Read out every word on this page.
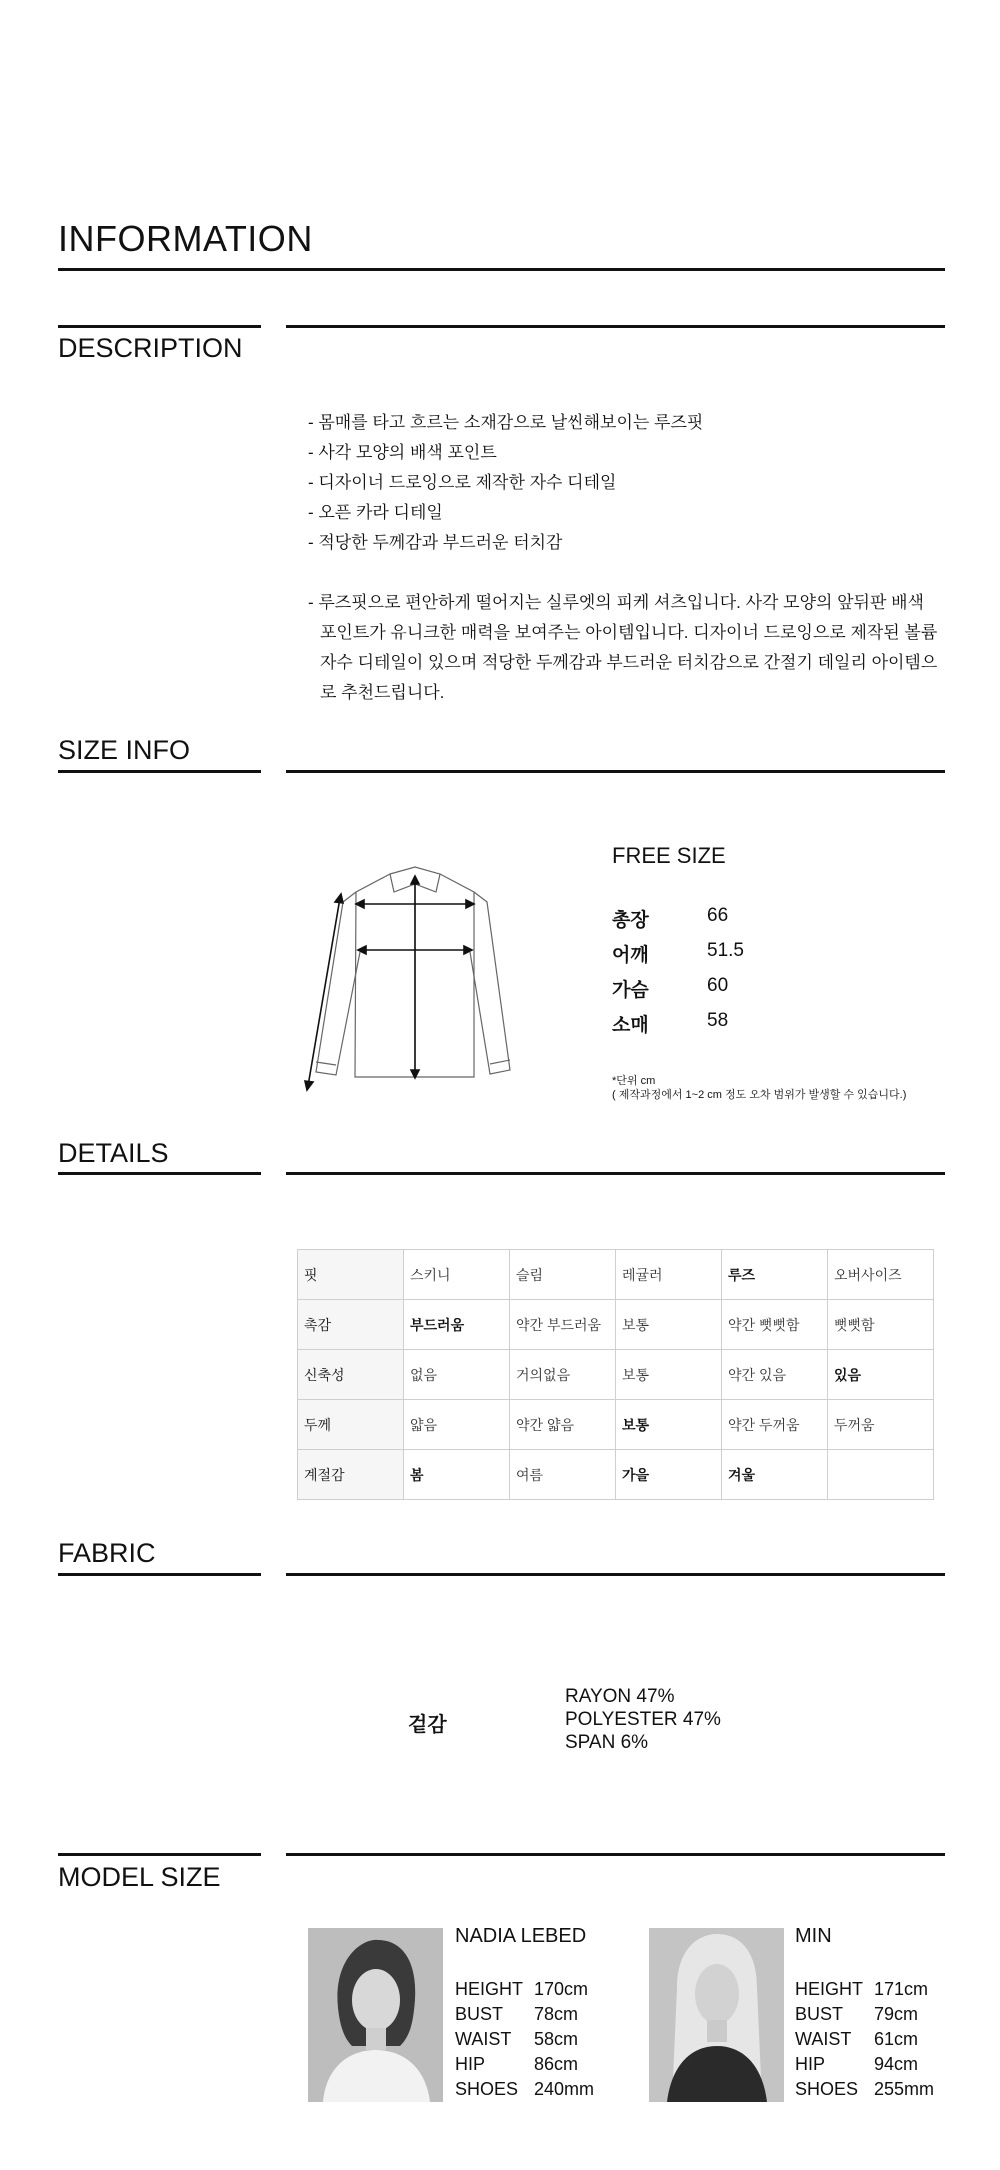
INFORMATION
DESCRIPTION
- 몸매를 타고 흐르는 소재감으로 날씬해보이는 루즈핏
- 사각 모양의 배색 포인트
- 디자이너 드로잉으로 제작한 자수 디테일
- 오픈 카라 디테일
- 적당한 두께감과 부드러운 터치감
- 루즈핏으로 편안하게 떨어지는 실루엣의 피케 셔츠입니다. 사각 모양의 앞뒤판 배색 포인트가 유니크한 매력을 보여주는 아이템입니다. 디자이너 드로잉으로 제작된 볼륨 자수 디테일이 있으며 적당한 두께감과 부드러운 터치감으로 간절기 데일리 아이템으로 추천드립니다.
SIZE INFO
FREE SIZE
총장	66
어깨	51.5
가슴	60
소매	58
*단위 cm
( 제작과정에서 1~2 cm 정도 오차 범위가 발생할 수 있습니다.)
DETAILS
핏	스키니	슬림	레귤러	루즈	오버사이즈
촉감	부드러움	약간 부드러움	보통	약간 뻣뻣함	뻣뻣함
신축성	없음	거의없음	보통	약간 있음	있음
두께	얇음	약간 얇음	보통	약간 두꺼움	두꺼움
계절감	봄	여름	가을	겨울	
FABRIC
겉감
RAYON 47%
POLYESTER 47%
SPAN 6%
MODEL SIZE
NADIA LEBED
HEIGHT 170cm
BUST	78cm
WAIST	58cm
HIP	86cm
SHOES 240mm
MIN
HEIGHT 171cm
BUST	79cm
WAIST	61cm
HIP	94cm
SHOES 255mm
